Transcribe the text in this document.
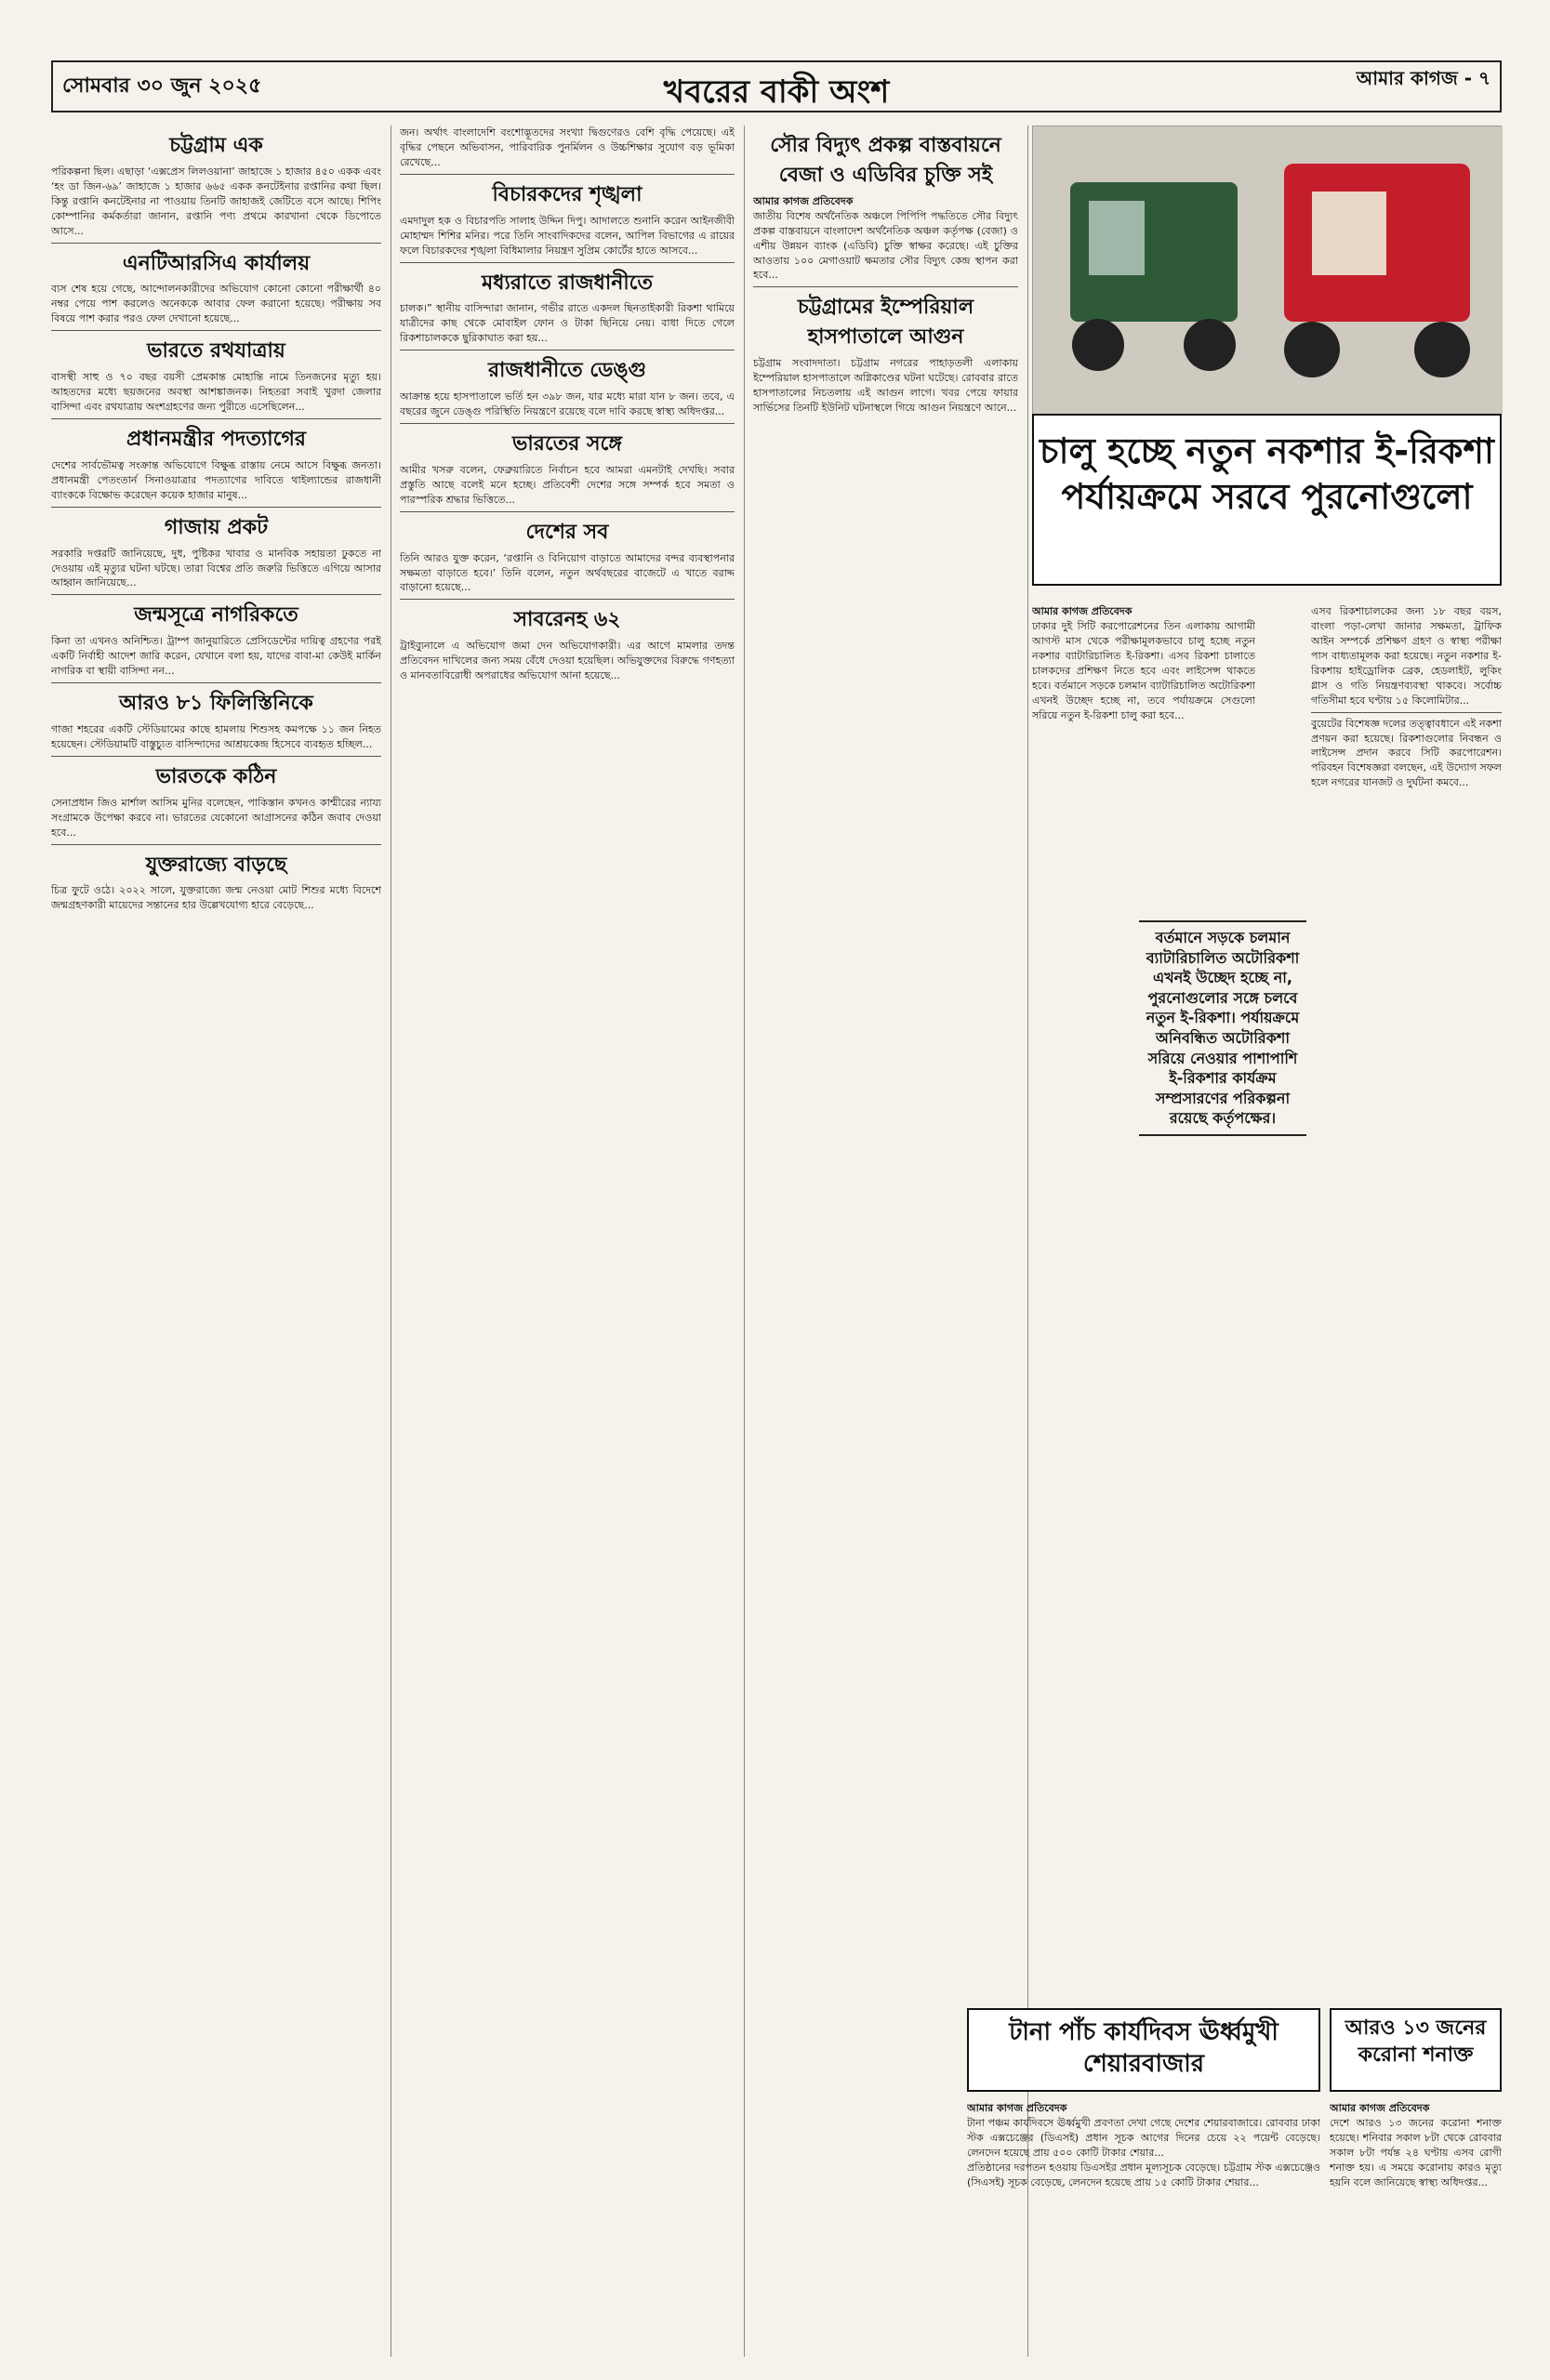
সোমবার ৩০ জুন ২০২৫	খবরের বাকী অংশ	আমার কাগজ - ৭
চট্টগ্রাম এক
পরিকল্পনা ছিল। এছাড়া ‘এক্সপ্রেস লিলওয়ানা’ জাহাজে ১ হাজার ৪৫০ একক এবং ‘হং ডা জিন-৬৯’ জাহাজে ১ হাজার ৬৬৫ একক কনটেইনার রপ্তানির কথা ছিল। কিন্তু রপ্তানি কনটেইনার না পাওয়ায় তিনটি জাহাজই জেটিতে বসে আছে। শিপিং কোম্পানির কর্মকর্তারা জানান, রপ্তানি পণ্য প্রথমে কারখানা থেকে ডিপোতে আসে...
এনটিআরসিএ কার্যালয়
ব্যস শেষ হয়ে গেছে, আন্দোলনকারীদের অভিযোগ কোনো কোনো পরীক্ষার্থী ৪০ নম্বর পেয়ে পাশ করলেও অনেককে আবার ফেল করানো হয়েছে। পরীক্ষায় সব বিষয়ে পাশ করার পরও ফেল দেখানো হয়েছে...
ভারতে রথযাত্রায়
বাসস্থী সাহু ও ৭০ বছর বয়সী প্রেমকান্ত মোহান্তি নামে তিনজনের মৃত্যু হয়। আহতদের মধ্যে ছয়জনের অবস্থা আশঙ্কাজনক। নিহতরা সবাই খুরদা জেলার বাসিন্দা এবং রথযাত্রায় অংশগ্রহণের জন্য পুরীতে এসেছিলেন...
প্রধানমন্ত্রীর পদত্যাগের
দেশের সার্বভৌমত্ব সংক্রান্ত অভিযোগে বিক্ষুব্ধ রাস্তায় নেমে আসে বিক্ষুব্ধ জনতা। প্রধানমন্ত্রী পেতংতার্ন সিনাওয়াত্রার পদত্যাগের দাবিতে থাইল্যান্ডের রাজধানী ব্যাংককে বিক্ষোভ করেছেন কয়েক হাজার মানুষ...
গাজায় প্রকট
সরকারি দপ্তরটি জানিয়েছে, দুধ, পুষ্টিকর খাবার ও মানবিক সহায়তা ঢুকতে না দেওয়ায় এই মৃত্যুর ঘটনা ঘটছে। তারা বিশ্বের প্রতি জরুরি ভিত্তিতে এগিয়ে আসার আহ্বান জানিয়েছে...
জন্মসূত্রে নাগরিকতে
কিনা তা এখনও অনিশ্চিত। ট্রাম্প জানুয়ারিতে প্রেসিডেন্টের দায়িত্ব গ্রহণের পরই একটি নির্বাহী আদেশ জারি করেন, যেখানে বলা হয়, যাদের বাবা-মা কেউই মার্কিন নাগরিক বা স্থায়ী বাসিন্দা নন...
আরও ৮১ ফিলিস্তিনিকে
গাজা শহরের একটি স্টেডিয়ামের কাছে হামলায় শিশুসহ কমপক্ষে ১১ জন নিহত হয়েছেন। স্টেডিয়ামটি বাস্তুচ্যুত বাসিন্দাদের আশ্রয়কেন্দ্র হিসেবে ব্যবহৃত হচ্ছিল...
ভারতকে কঠিন
সেনাপ্রধান জিও মার্শাল আসিম মুনির বলেছেন, পাকিস্তান কখনও কাশ্মীরের ন্যায্য সংগ্রামকে উপেক্ষা করবে না। ভারতের যেকোনো আগ্রাসনের কঠিন জবাব দেওয়া হবে...
যুক্তরাজ্যে বাড়ছে
চিত্র ফুটে ওঠে। ২০২২ সালে, যুক্তরাজ্যে জন্ম নেওয়া মোট শিশুর মধ্যে বিদেশে জন্মগ্রহণকারী মায়েদের সন্তানের হার উল্লেখযোগ্য হারে বেড়েছে...
জন। অর্থাৎ বাংলাদেশি বংশোদ্ভূতদের সংখ্যা দ্বিগুণেরও বেশি বৃদ্ধি পেয়েছে। এই বৃদ্ধির পেছনে অভিবাসন, পারিবারিক পুনর্মিলন ও উচ্চশিক্ষার সুযোগ বড় ভূমিকা রেখেছে...
বিচারকদের শৃঙ্খলা
এমদাদুল হক ও বিচারপতি সালাহ উদ্দিন দিপু। আদালতে শুনানি করেন আইনজীবী মোহাম্মদ শিশির মনির। পরে তিনি সাংবাদিকদের বলেন, আপিল বিভাগের এ রায়ের ফলে বিচারকদের শৃঙ্খলা বিধিমালার নিয়ন্ত্রণ সুপ্রিম কোর্টের হাতে আসবে...
মধ্যরাতে রাজধানীতে
চালক।” স্থানীয় বাসিন্দারা জানান, গভীর রাতে একদল ছিনতাইকারী রিকশা থামিয়ে যাত্রীদের কাছ থেকে মোবাইল ফোন ও টাকা ছিনিয়ে নেয়। বাধা দিতে গেলে রিকশাচালককে ছুরিকাঘাত করা হয়...
রাজধানীতে ডেঙ্গু
আক্রান্ত হয়ে হাসপাতালে ভর্তি হন ৩৯৮ জন, যার মধ্যে মারা যান ৮ জন। তবে, এ বছরের জুনে ডেঙ্গু পরিস্থিতি নিয়ন্ত্রণে রয়েছে বলে দাবি করছে স্বাস্থ্য অধিদপ্তর...
ভারতের সঙ্গে
আমীর খসরু বলেন, ফেব্রুয়ারিতে নির্বাচন হবে আমরা এমনটাই দেখছি। সবার প্রস্তুতি আছে বলেই মনে হচ্ছে। প্রতিবেশী দেশের সঙ্গে সম্পর্ক হবে সমতা ও পারস্পরিক শ্রদ্ধার ভিত্তিতে...
দেশের সব
তিনি আরও যুক্ত করেন, ‘রপ্তানি ও বিনিয়োগ বাড়াতে আমাদের বন্দর ব্যবস্থাপনার সক্ষমতা বাড়াতে হবে।’ তিনি বলেন, নতুন অর্থবছরের বাজেটে এ খাতে বরাদ্দ বাড়ানো হয়েছে...
সাবরেনহ ৬২
ট্রাইব্যুনালে এ অভিযোগ জমা দেন অভিযোগকারী। এর আগে মামলার তদন্ত প্রতিবেদন দাখিলের জন্য সময় বেঁধে দেওয়া হয়েছিল। অভিযুক্তদের বিরুদ্ধে গণহত্যা ও মানবতাবিরোধী অপরাধের অভিযোগ আনা হয়েছে...
সৌর বিদ্যুৎ প্রকল্প বাস্তবায়নে বেজা ও এডিবির চুক্তি সই
আমার কাগজ প্রতিবেদক
জাতীয় বিশেষ অর্থনৈতিক অঞ্চলে পিপিপি পদ্ধতিতে সৌর বিদ্যুৎ প্রকল্প বাস্তবায়নে বাংলাদেশ অর্থনৈতিক অঞ্চল কর্তৃপক্ষ (বেজা) ও এশীয় উন্নয়ন ব্যাংক (এডিবি) চুক্তি স্বাক্ষর করেছে। এই চুক্তির আওতায় ১০০ মেগাওয়াট ক্ষমতার সৌর বিদ্যুৎ কেন্দ্র স্থাপন করা হবে...
চট্টগ্রামের ইম্পেরিয়াল হাসপাতালে আগুন
চট্টগ্রাম সংবাদদাতা। চট্টগ্রাম নগরের পাহাড়তলী এলাকায় ইম্পেরিয়াল হাসপাতালে অগ্নিকাণ্ডের ঘটনা ঘটেছে। রোববার রাতে হাসপাতালের নিচতলায় এই আগুন লাগে। খবর পেয়ে ফায়ার সার্ভিসের তিনটি ইউনিট ঘটনাস্থলে গিয়ে আগুন নিয়ন্ত্রণে আনে...
চালু হচ্ছে নতুন নকশার ই-রিকশা
পর্যায়ক্রমে সরবে পুরনোগুলো
আমার কাগজ প্রতিবেদক
ঢাকার দুই সিটি করপোরেশনের তিন এলাকায় আগামী আগস্ট মাস থেকে পরীক্ষামূলকভাবে চালু হচ্ছে নতুন নকশার ব্যাটারিচালিত ই-রিকশা। এসব রিকশা চালাতে চালকদের প্রশিক্ষণ নিতে হবে এবং লাইসেন্স থাকতে হবে। বর্তমানে সড়কে চলমান ব্যাটারিচালিত অটোরিকশা এখনই উচ্ছেদ হচ্ছে না, তবে পর্যায়ক্রমে সেগুলো সরিয়ে নতুন ই-রিকশা চালু করা হবে...
বর্তমানে সড়কে চলমান ব্যাটারিচালিত অটোরিকশা এখনই উচ্ছেদ হচ্ছে না, পুরনোগুলোর সঙ্গে চলবে নতুন ই-রিকশা। পর্যায়ক্রমে অনিবন্ধিত অটোরিকশা সরিয়ে নেওয়ার পাশাপাশি ই-রিকশার কার্যক্রম সম্প্রসারণের পরিকল্পনা রয়েছে কর্তৃপক্ষের।
এসব রিকশাচালকের জন্য ১৮ বছর বয়স, বাংলা পড়া-লেখা জানার সক্ষমতা, ট্রাফিক আইন সম্পর্কে প্রশিক্ষণ গ্রহণ ও স্বাস্থ্য পরীক্ষা পাস বাধ্যতামূলক করা হয়েছে। নতুন নকশার ই-রিকশায় হাইড্রোলিক ব্রেক, হেডলাইট, লুকিং গ্লাস ও গতি নিয়ন্ত্রণব্যবস্থা থাকবে। সর্বোচ্চ গতিসীমা হবে ঘণ্টায় ১৫ কিলোমিটার...
বুয়েটের বিশেষজ্ঞ দলের তত্ত্বাবধানে এই নকশা প্রণয়ন করা হয়েছে। রিকশাগুলোর নিবন্ধন ও লাইসেন্স প্রদান করবে সিটি করপোরেশন। পরিবহন বিশেষজ্ঞরা বলছেন, এই উদ্যোগ সফল হলে নগরের যানজট ও দুর্ঘটনা কমবে...
টানা পাঁচ কার্যদিবস ঊর্ধ্বমুখী শেয়ারবাজার
আমার কাগজ প্রতিবেদক
টানা পঞ্চম কার্যদিবসে ঊর্ধ্বমুখী প্রবণতা দেখা গেছে দেশের শেয়ারবাজারে। রোববার ঢাকা স্টক এক্সচেঞ্জের (ডিএসই) প্রধান সূচক আগের দিনের চেয়ে ২২ পয়েন্ট বেড়েছে। লেনদেন হয়েছে প্রায় ৫০০ কোটি টাকার শেয়ার...
প্রতিষ্ঠানের দরপতন হওয়ায় ডিএসইর প্রধান মূল্যসূচক বেড়েছে। চট্টগ্রাম স্টক এক্সচেঞ্জেও (সিএসই) সূচক বেড়েছে, লেনদেন হয়েছে প্রায় ১৫ কোটি টাকার শেয়ার...
আরও ১৩ জনের করোনা শনাক্ত
আমার কাগজ প্রতিবেদক
দেশে আরও ১৩ জনের করোনা শনাক্ত হয়েছে। শনিবার সকাল ৮টা থেকে রোববার সকাল ৮টা পর্যন্ত ২৪ ঘণ্টায় এসব রোগী শনাক্ত হয়। এ সময়ে করোনায় কারও মৃত্যু হয়নি বলে জানিয়েছে স্বাস্থ্য অধিদপ্তর...
